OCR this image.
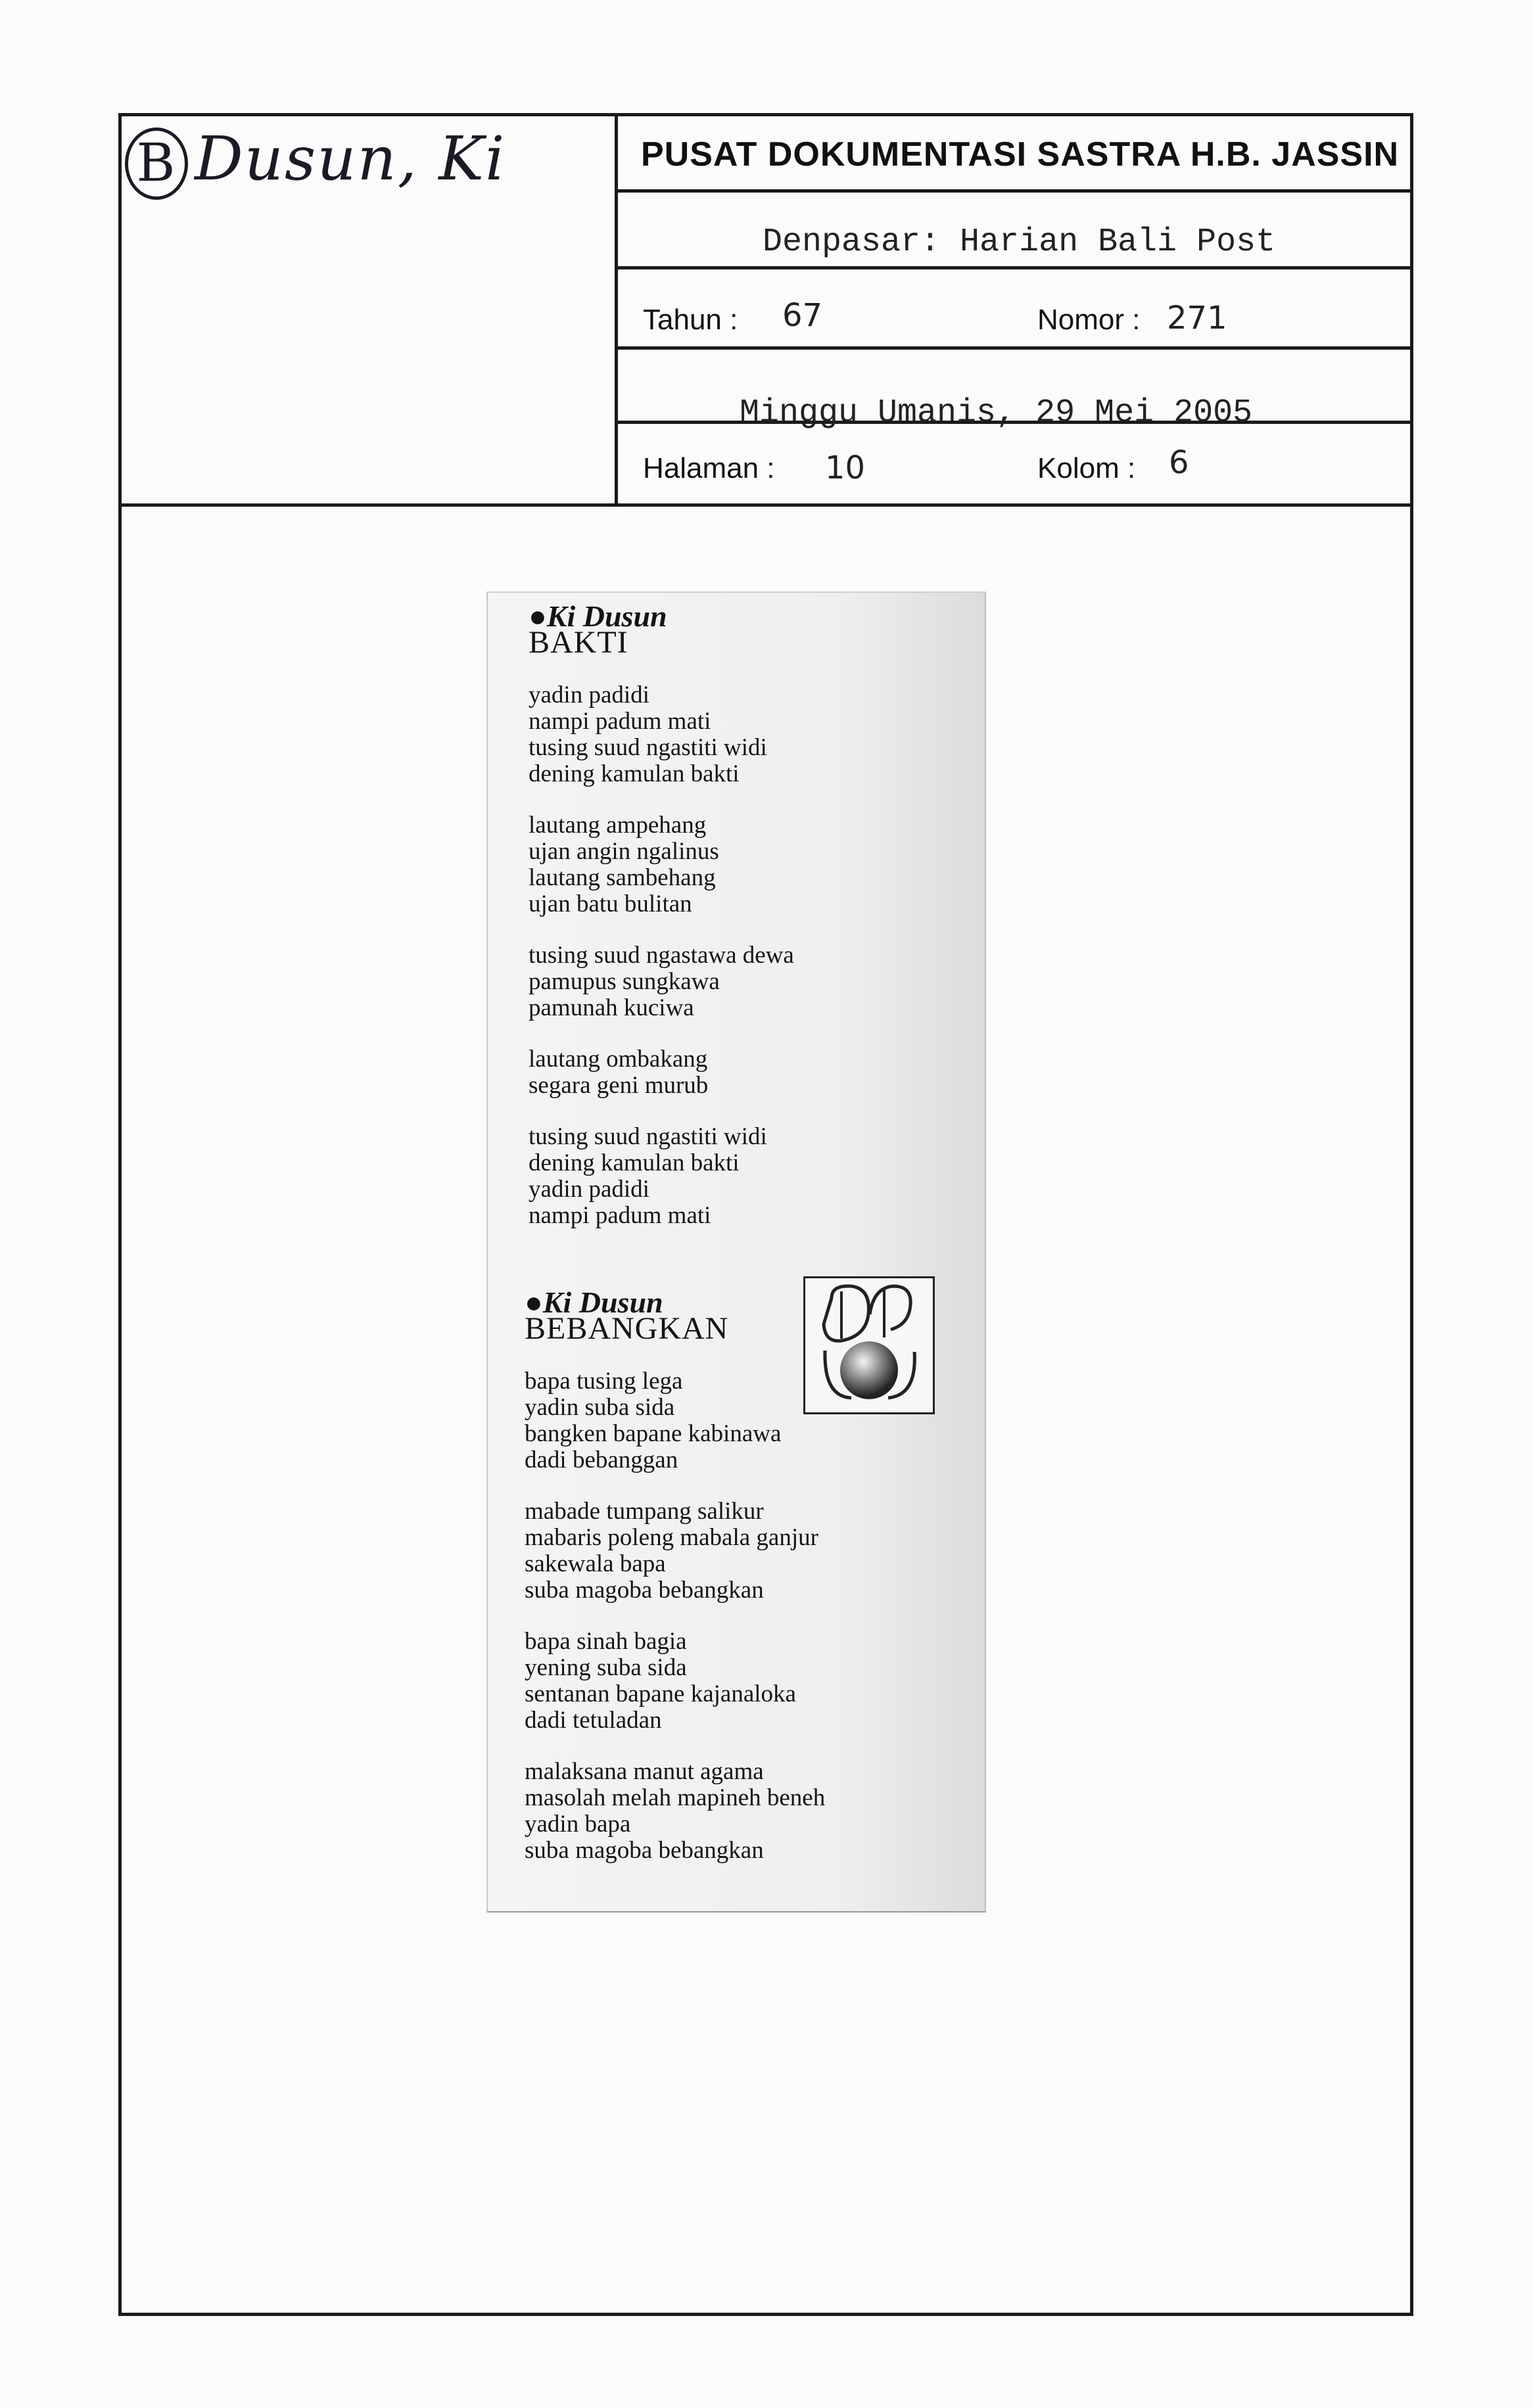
B Dusun, Ki	PUSAT DOKUMENTASI SASTRA H.B. JASSIN
Denpasar: Harian Bali Post
Tahun : 67	Nomor : 271
Minggu Umanis, 29 Mei 2005
Halaman : 10	Kolom : 6
●Ki Dusun
BAKTI
yadin padidi
nampi padum mati
tusing suud ngastiti widi
dening kamulan bakti
lautang ampehang
ujan angin ngalinus
lautang sambehang
ujan batu bulitan
tusing suud ngastawa dewa
pamupus sungkawa
pamunah kuciwa
lautang ombakang
segara geni murub
tusing suud ngastiti widi
dening kamulan bakti
yadin padidi
nampi padum mati
●Ki Dusun
BEBANGKAN
bapa tusing lega
yadin suba sida
bangken bapane kabinawa
dadi bebanggan
mabade tumpang salikur
mabaris poleng mabala ganjur
sakewala bapa
suba magoba bebangkan
bapa sinah bagia
yening suba sida
sentanan bapane kajanaloka
dadi tetuladan
malaksana manut agama
masolah melah mapineh beneh
yadin bapa
suba magoba bebangkan
